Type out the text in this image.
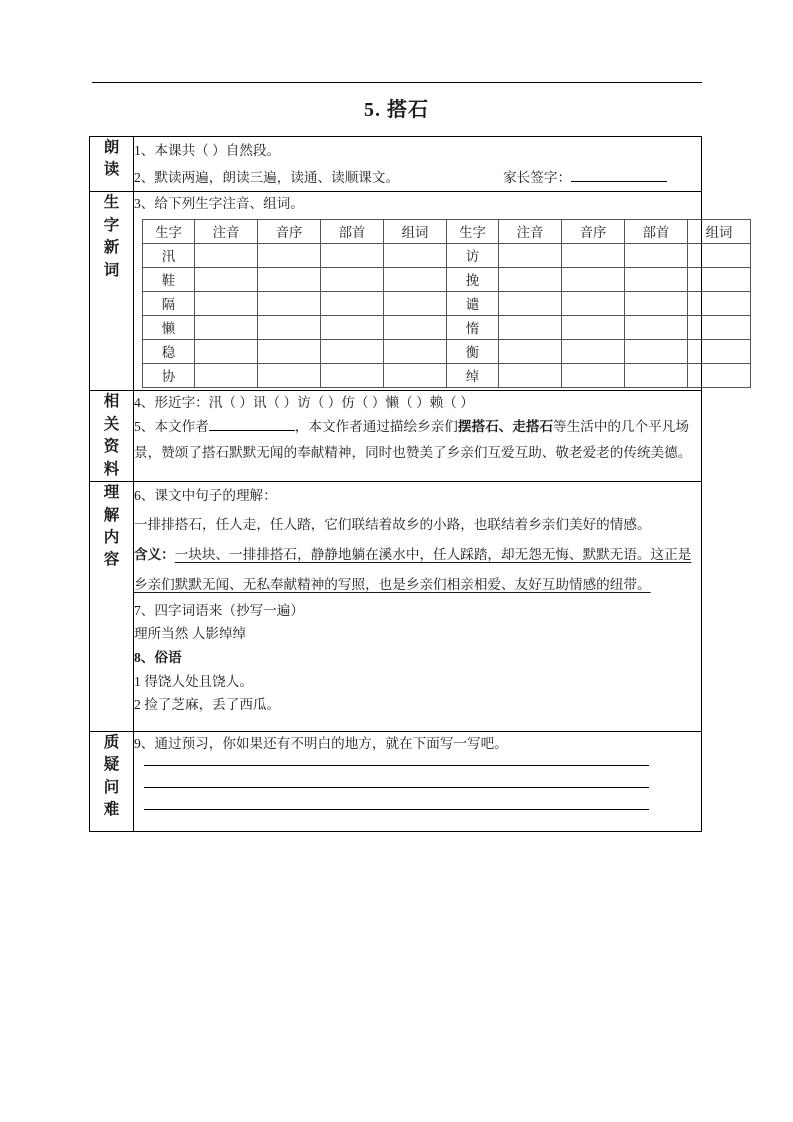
5. 搭石
朗
读

1、本课共（ ）自然段。
2、默读两遍，朗读三遍，读通、读顺课文。	家长签字：

生
字
新
词

3、给下列生字注音、组词。
生字	注音	音序	部首	组词	生字	注音	音序	部首	组词
汛					访				
鞋					挽				
隔					谴				
懒					惰				
稳					衡				
协					绰				

相
关
资
料

4、形近字：汛（ ）讯（ ）访（ ）仿（ ）懒（ ）赖（ ）
5、本文作者	，本文作者通过描绘乡亲们摆搭石、走搭石等生活中的几个平凡场景，赞颂了搭石默默无闻的奉献精神，同时也赞美了乡亲们互爱互助、敬老爱老的传统美德。

理
解
内
容

6、课文中句子的理解：
一排排搭石，任人走，任人踏，它们联结着故乡的小路，也联结着乡亲们美好的情感。
含义：一块块、一排排搭石，静静地躺在溪水中，任人踩踏，却无怨无悔、默默无语。这正是乡亲们默默无闻、无私奉献精神的写照，也是乡亲们相亲相爱、友好互助情感的纽带。
7、四字词语来（抄写一遍）
理所当然 人影绰绰
8、俗语
1 得饶人处且饶人。
2 捡了芝麻，丢了西瓜。

质
疑
问
难

9、通过预习，你如果还有不明白的地方，就在下面写一写吧。
